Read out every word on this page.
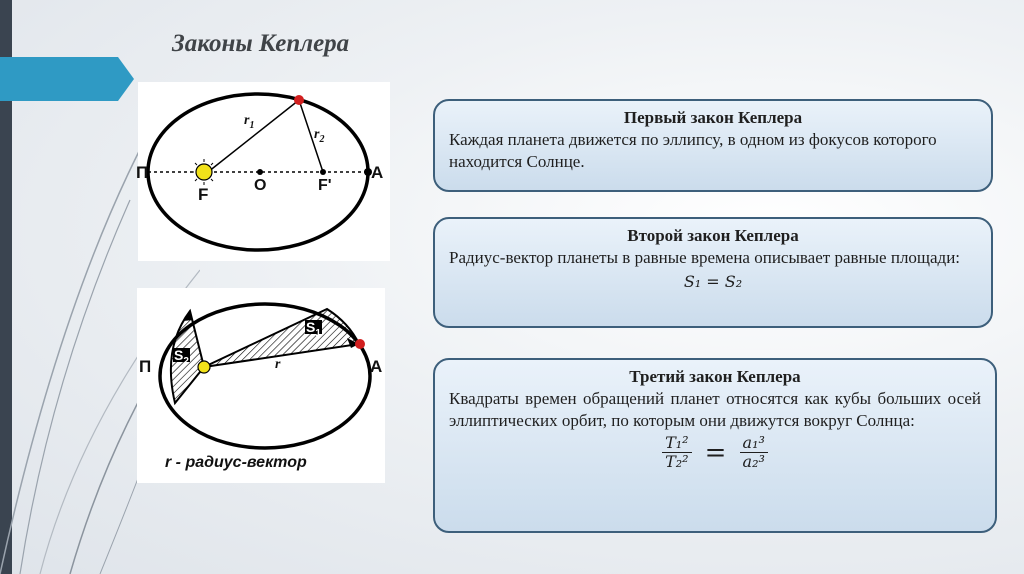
Законы Кеплера
П	A
F	O	F'
$r_1$
$r_2$
П	A
$S_2$
$S_1$
r
r - радиус-вектор
Первый закон Кеплера
Каждая планета движется по эллипсу, в одном из фокусов которого находится Солнце.
Второй закон Кеплера
Радиус-вектор планеты в равные времена описывает равные площади:
S₁ = S₂
Третий закон Кеплера
Квадраты времен обращений планет относятся как кубы больших осей эллиптических орбит, по которым они движутся вокруг Солнца:
$\frac{\text{T₁²}}{\text{T₂²}} = \frac{\text{a₁³}}{\text{a₂³}}$
